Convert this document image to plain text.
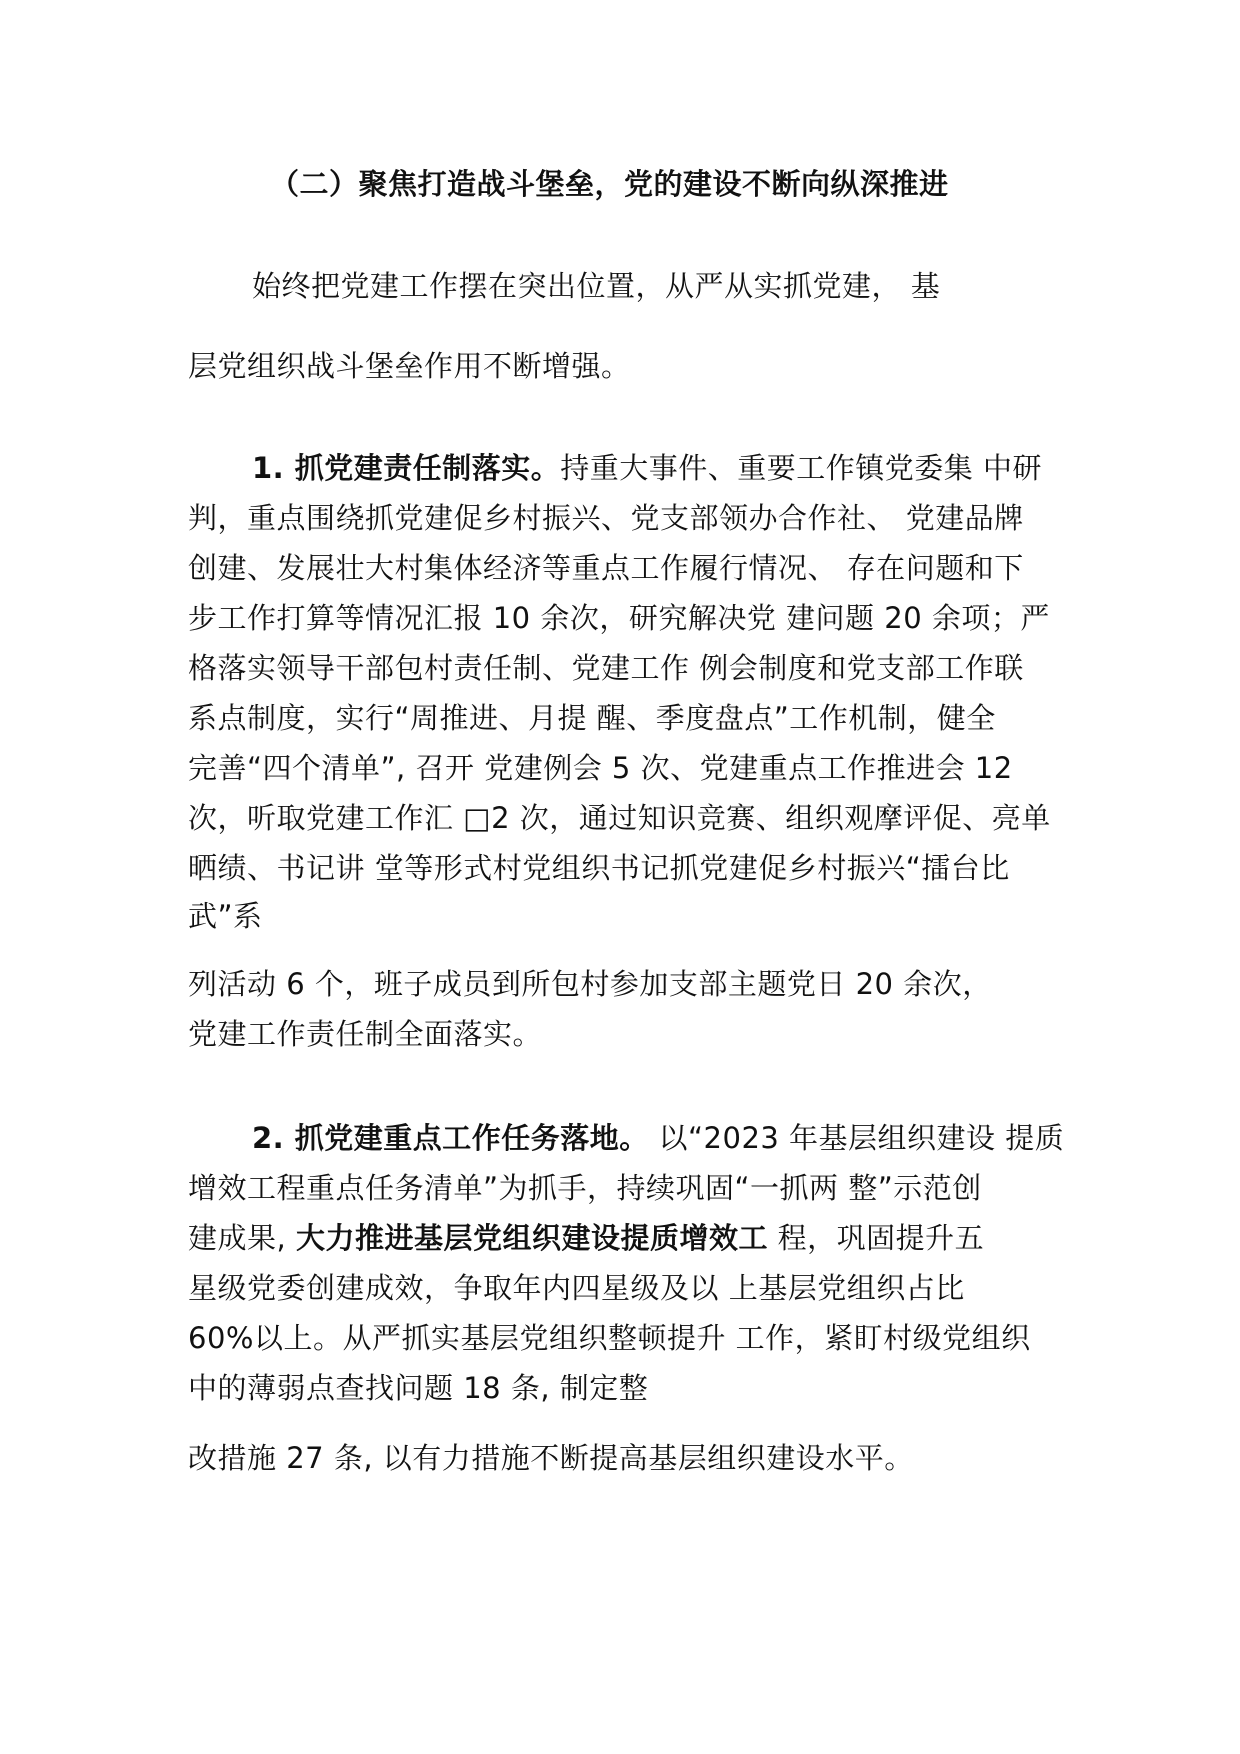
（二）聚焦打造战斗堡垒，党的建设不断向纵深推进
始终把党建工作摆在突出位置，从严从实抓党建， 基
层党组织战斗堡垒作用不断增强。
1. 抓党建责任制落实。持重大事件、重要工作镇党委集 中研
判，重点围绕抓党建促乡村振兴、党支部领办合作社、 党建品牌
创建、发展壮大村集体经济等重点工作履行情况、 存在问题和下
步工作打算等情况汇报 10 余次，研究解决党 建问题 20 余项；严
格落实领导干部包村责任制、党建工作 例会制度和党支部工作联
系点制度，实行“周推进、月提 醒、季度盘点”工作机制，健全
完善“四个清单”, 召开 党建例会 5 次、党建重点工作推进会 12
次，听取党建工作汇 □2 次，通过知识竞赛、组织观摩评促、亮单
晒绩、书记讲 堂等形式村党组织书记抓党建促乡村振兴“擂台比
武”系
列活动 6 个，班子成员到所包村参加支部主题党日 20 余次，
党建工作责任制全面落实。
2. 抓党建重点工作任务落地。 以“2023 年基层组织建设 提质
增效工程重点任务清单”为抓手，持续巩固“一抓两 整”示范创
建成果, 大力推进基层党组织建设提质增效工 程，巩固提升五
星级党委创建成效，争取年内四星级及以 上基层党组织占比
60%以上。从严抓实基层党组织整顿提升 工作，紧盯村级党组织
中的薄弱点查找问题 18 条, 制定整
改措施 27 条, 以有力措施不断提高基层组织建设水平。
